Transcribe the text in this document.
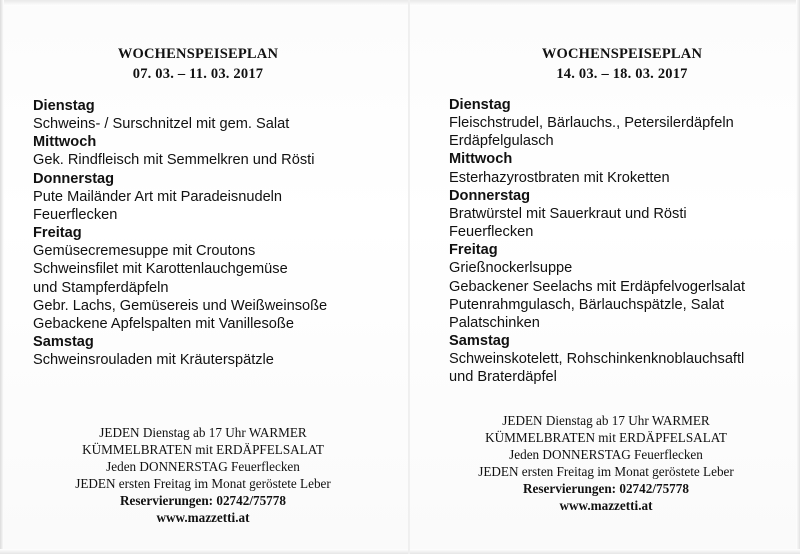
WOCHENSPEISEPLAN
07. 03. – 11. 03. 2017
Dienstag
Schweins- / Surschnitzel mit gem. Salat
Mittwoch
Gek. Rindfleisch mit Semmelkren und Rösti
Donnerstag
Pute Mailänder Art mit Paradeisnudeln
Feuerflecken
Freitag
Gemüsecremesuppe mit Croutons
Schweinsfilet mit Karottenlauchgemüse
und Stampferdäpfeln
Gebr. Lachs, Gemüsereis und Weißweinsoße
Gebackene Apfelspalten mit Vanillesoße
Samstag
Schweinsrouladen mit Kräuterspätzle
JEDEN Dienstag ab 17 Uhr WARMER
KÜMMELBRATEN mit ERDÄPFELSALAT
Jeden DONNERSTAG Feuerflecken
JEDEN ersten Freitag im Monat geröstete Leber
Reservierungen: 02742/75778
www.mazzetti.at
WOCHENSPEISEPLAN
14. 03. – 18. 03. 2017
Dienstag
Fleischstrudel, Bärlauchs., Petersilerdäpfeln
Erdäpfelgulasch
Mittwoch
Esterhazyrostbraten mit Kroketten
Donnerstag
Bratwürstel mit Sauerkraut und Rösti
Feuerflecken
Freitag
Grießnockerlsuppe
Gebackener Seelachs mit Erdäpfelvogerlsalat
Putenrahmgulasch, Bärlauchspätzle, Salat
Palatschinken
Samstag
Schweinskotelett, Rohschinkenknoblauchsaftl
und Braterdäpfel
JEDEN Dienstag ab 17 Uhr WARMER
KÜMMELBRATEN mit ERDÄPFELSALAT
Jeden DONNERSTAG Feuerflecken
JEDEN ersten Freitag im Monat geröstete Leber
Reservierungen: 02742/75778
www.mazzetti.at
